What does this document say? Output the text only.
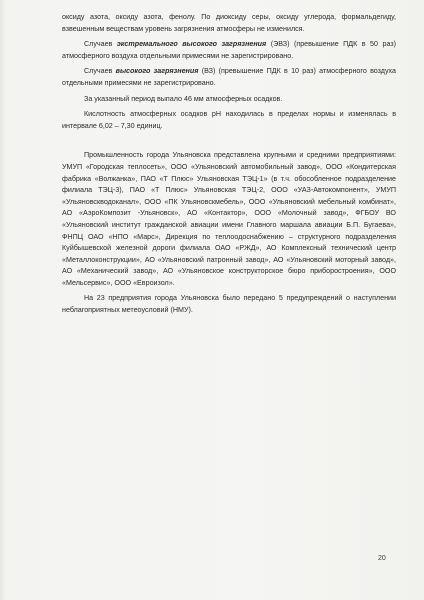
оксиду азота, оксиду азота, фенолу. По диоксиду серы, оксиду углерода, формальдегиду, взвешенным веществам уровень загрязнения атмосферы не изменился.

Случаев экстремального высокого загрязнения (ЭВЗ) (превышение ПДК в 50 раз) атмосферного воздуха отдельными примесями не зарегистрировано.

Случаев высокого загрязнения (ВЗ) (превышение ПДК в 10 раз) атмосферного воздуха отдельными примесями не зарегистрировано.

За указанный период выпало 46 мм атмосферных осадков.

Кислотность атмосферных осадков рН находилась в пределах нормы и изменялась в интервале 6,02 – 7,30 единиц.

Промышленность города Ульяновска представлена крупными и средними предприятиями: УМУП «Городская теплосеть», ООО «Ульяновский автомобильный завод», ООО «Кондитерская фабрика «Волжанка», ПАО «Т Плюс» Ульяновская ТЭЦ-1» (в т.ч. обособленное подразделение филиала ТЭЦ-3), ПАО «Т Плюс» Ульяновская ТЭЦ-2, ООО «УАЗ-Автокомпонент», УМУП «Ульяновскводоканал», ООО «ПК Ульяновскмебель», ООО «Ульяновский мебельный комбинат», АО «АэроКомпозит -Ульяновск», АО «Контактор», ООО «Молочный завод», ФГБОУ ВО «Ульяновский институт гражданской авиации имени Главного маршала авиации Б.П. Бугаева», ФНПЦ ОАО «НПО «Марс», Дирекция по теплоодоснабжению – структурного подразделения Куйбышевской железной дороги филиала ОАО «РЖД», АО Комплексный технический центр «Металлоконструкции», АО «Ульяновский патронный завод», АО «Ульяновский моторный завод», АО «Механический завод», АО «Ульяновское конструкторское бюро приборостроения», ООО «Мельсервис», ООО «Евроизол».

На 23 предприятия города Ульяновска было передано 5 предупреждений о наступлении неблагоприятных метеоусловий (НМУ).

20
